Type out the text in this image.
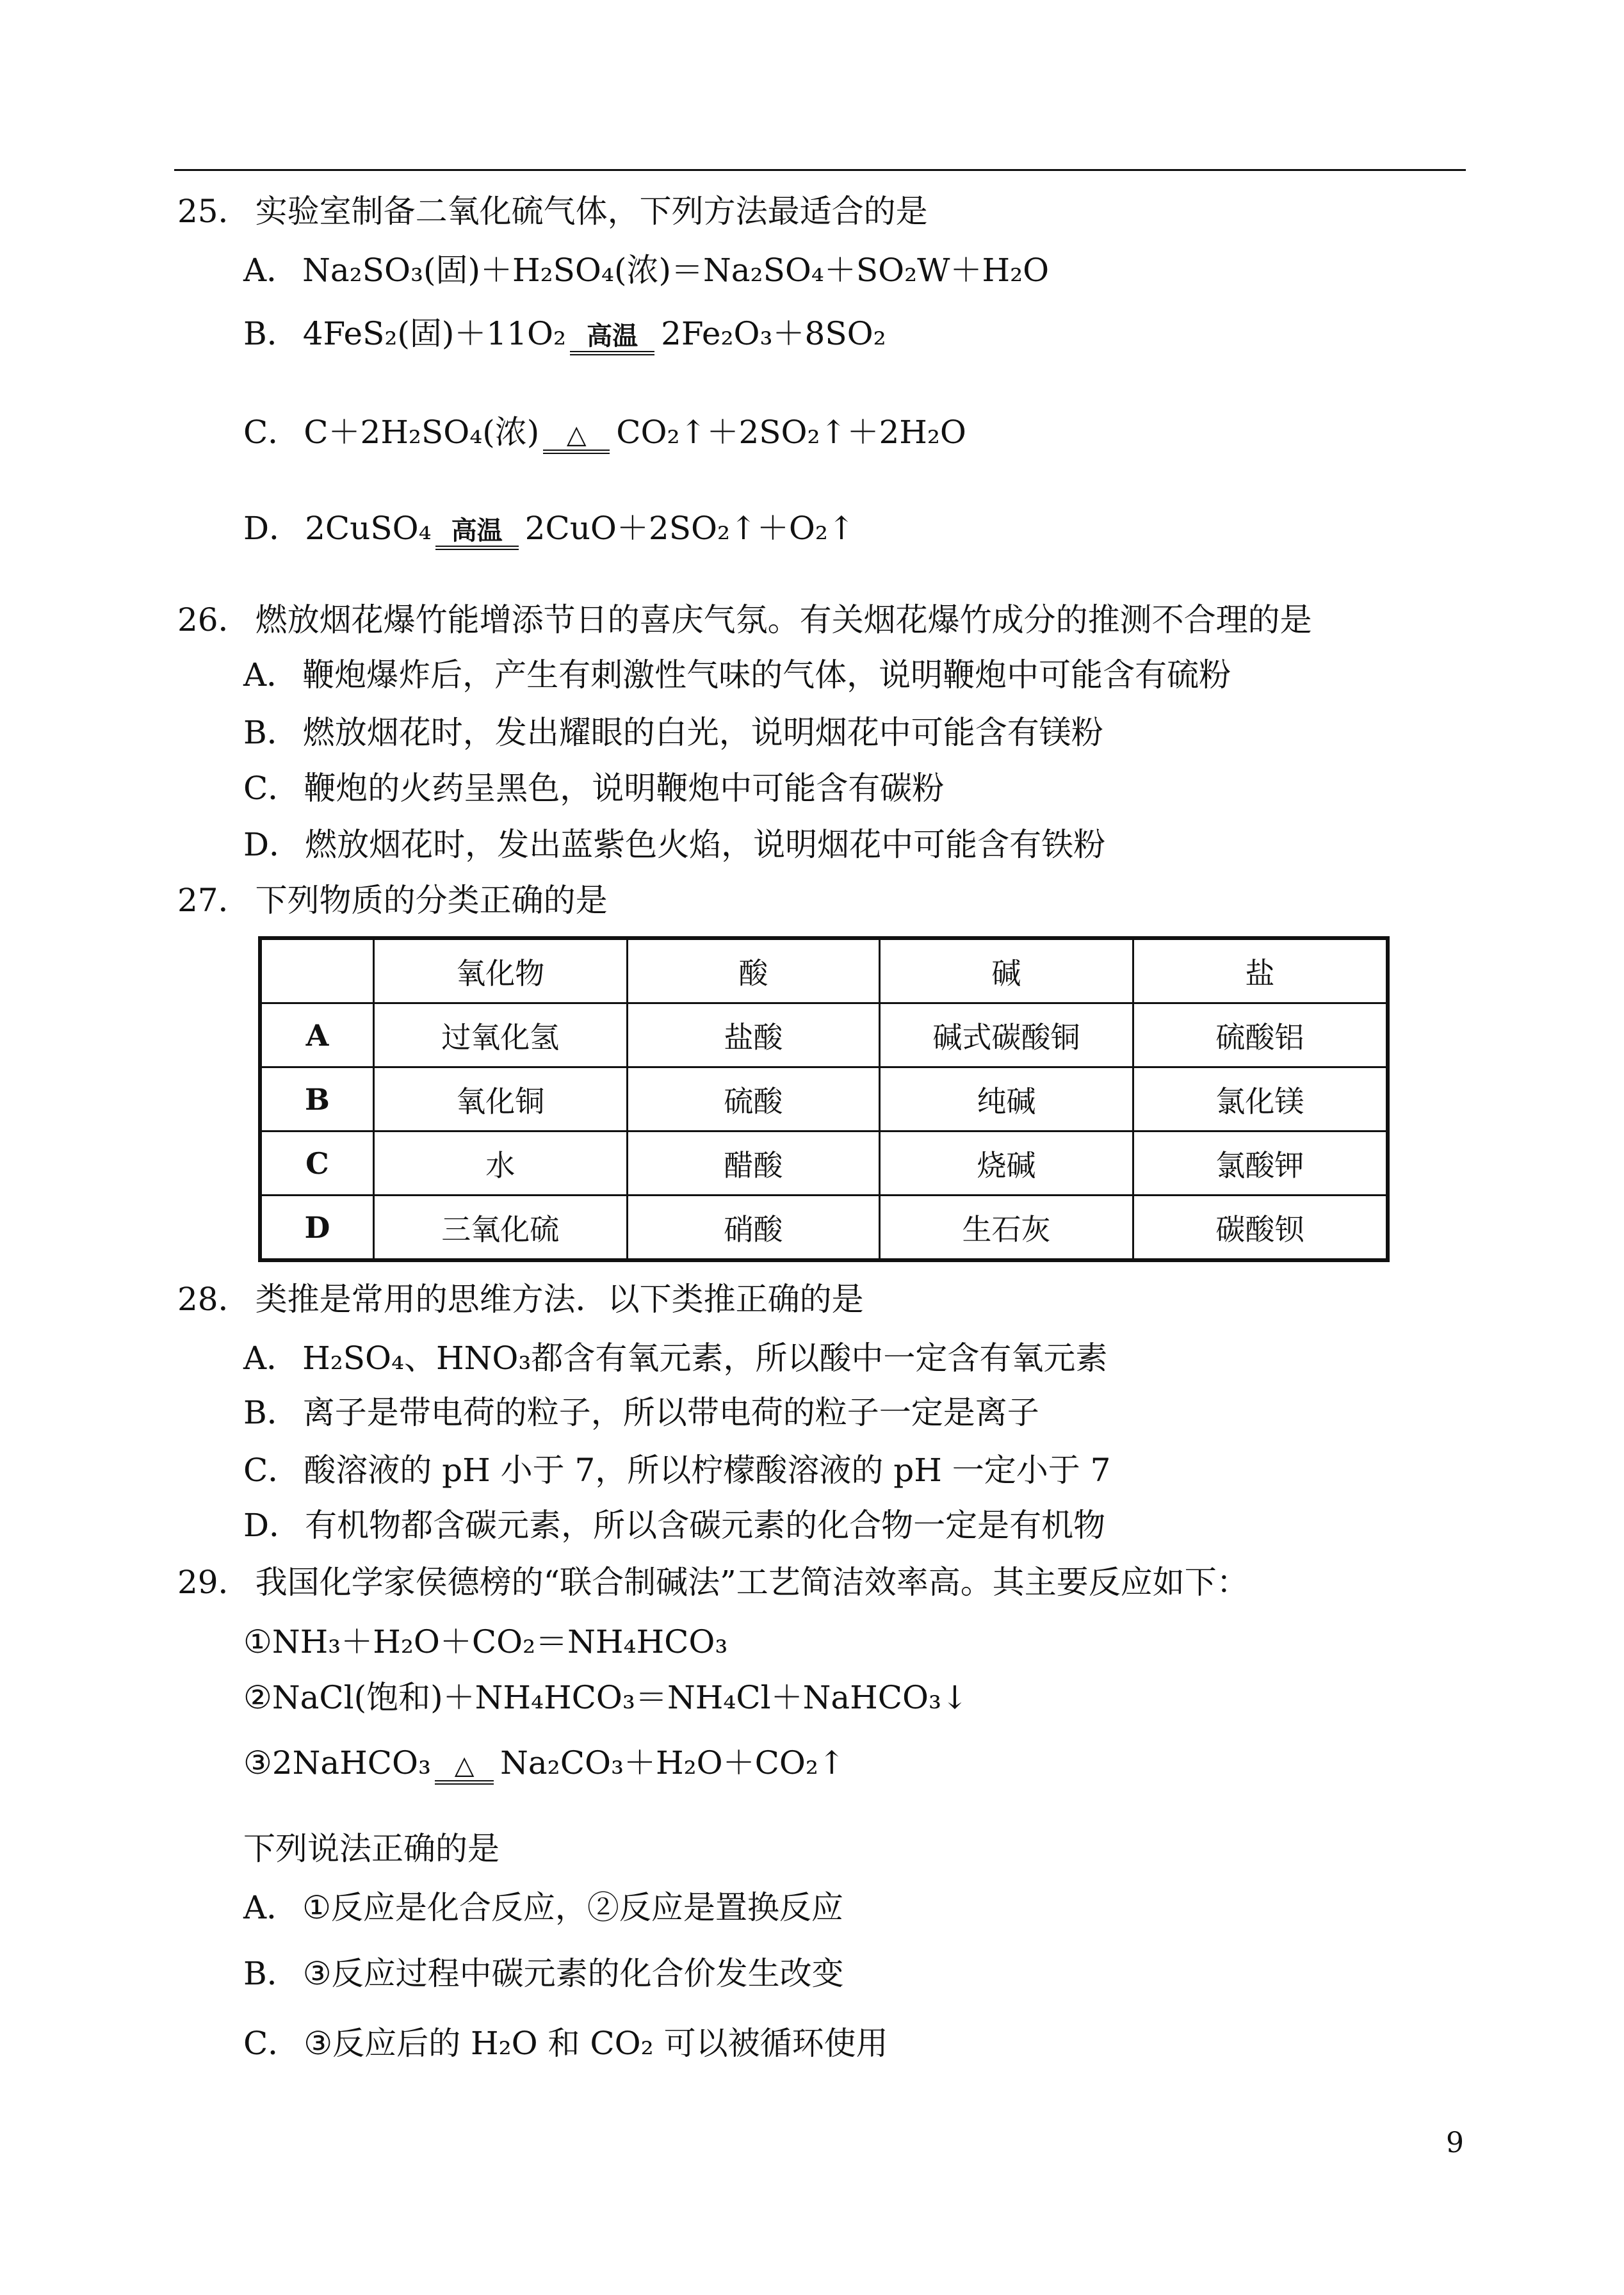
25． 实验室制备二氧化硫气体，下列方法最适合的是
A． Na₂SO₃(固)＋H₂SO₄(浓)＝Na₂SO₄＋SO₂W＋H₂O
B． 4FeS₂(固)＋11O₂ 高温 2Fe₂O₃＋8SO₂
C． C＋2H₂SO₄(浓) △ CO₂↑＋2SO₂↑＋2H₂O
D． 2CuSO₄ 高温 2CuO＋2SO₂↑＋O₂↑
26． 燃放烟花爆竹能增添节日的喜庆气氛。有关烟花爆竹成分的推测不合理的是
A． 鞭炮爆炸后，产生有刺激性气味的气体，说明鞭炮中可能含有硫粉
B． 燃放烟花时，发出耀眼的白光，说明烟花中可能含有镁粉
C． 鞭炮的火药呈黑色，说明鞭炮中可能含有碳粉
D． 燃放烟花时，发出蓝紫色火焰，说明烟花中可能含有铁粉
27． 下列物质的分类正确的是
	氧化物	酸	碱	盐
A	过氧化氢	盐酸	碱式碳酸铜	硫酸铝
B	氧化铜	硫酸	纯碱	氯化镁
C	水	醋酸	烧碱	氯酸钾
D	三氧化硫	硝酸	生石灰	碳酸钡
28． 类推是常用的思维方法．以下类推正确的是
A． H₂SO₄、HNO₃都含有氧元素，所以酸中一定含有氧元素
B． 离子是带电荷的粒子，所以带电荷的粒子一定是离子
C． 酸溶液的 pH 小于 7，所以柠檬酸溶液的 pH 一定小于 7
D． 有机物都含碳元素，所以含碳元素的化合物一定是有机物
29． 我国化学家侯德榜的“联合制碱法”工艺简洁效率高。其主要反应如下：
①NH₃＋H₂O＋CO₂＝NH₄HCO₃
②NaCl(饱和)＋NH₄HCO₃＝NH₄Cl＋NaHCO₃↓
③2NaHCO₃ △ Na₂CO₃＋H₂O＋CO₂↑
下列说法正确的是
A． ①反应是化合反应，②反应是置换反应
B． ③反应过程中碳元素的化合价发生改变
C． ③反应后的 H₂O 和 CO₂ 可以被循环使用
9
